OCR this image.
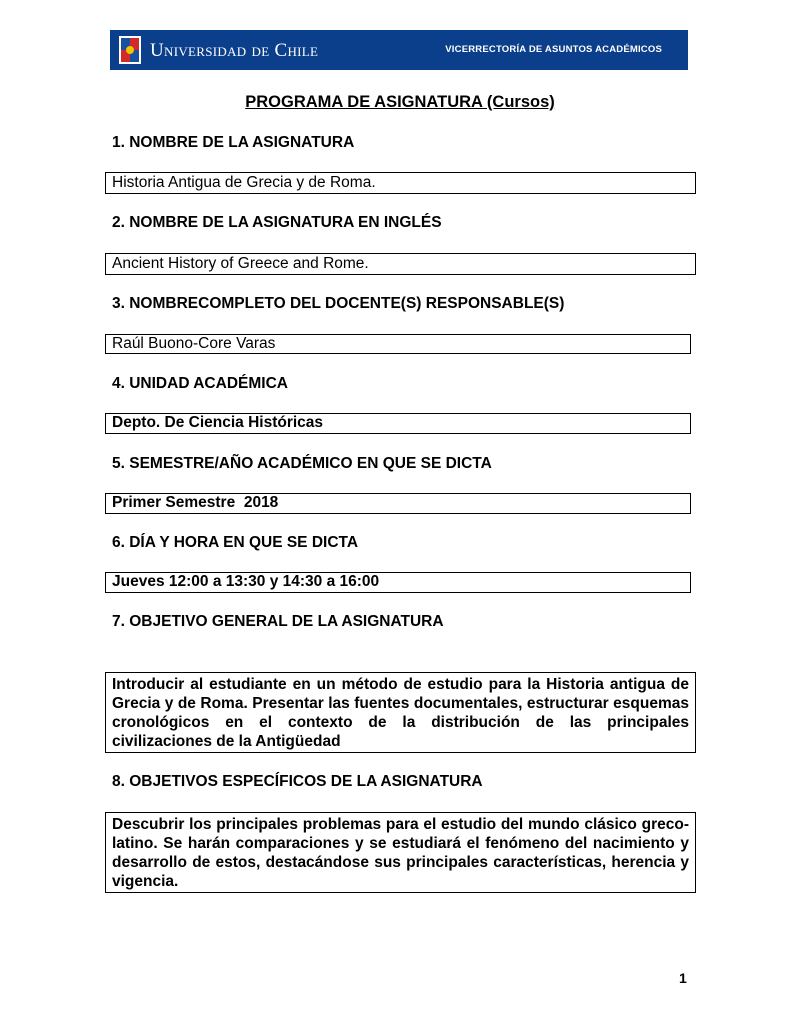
Universidad de Chile	VICERRECTORÍA DE ASUNTOS ACADÉMICOS
PROGRAMA DE ASIGNATURA (Cursos)
1. NOMBRE DE LA ASIGNATURA
Historia Antigua de Grecia y de Roma.
2. NOMBRE DE LA ASIGNATURA EN INGLÉS
Ancient History of Greece and Rome.
3. NOMBRECOMPLETO DEL DOCENTE(S) RESPONSABLE(S)
Raúl Buono-Core Varas
4. UNIDAD ACADÉMICA
Depto. De Ciencia Históricas
5. SEMESTRE/AÑO ACADÉMICO EN QUE SE DICTA
Primer Semestre  2018
6. DÍA Y HORA EN QUE SE DICTA
Jueves 12:00 a 13:30 y 14:30 a 16:00
7. OBJETIVO GENERAL DE LA ASIGNATURA
Introducir al estudiante en un método de estudio para la Historia antigua de Grecia y de Roma. Presentar las fuentes documentales, estructurar esquemas cronológicos en el contexto de la distribución de las principales civilizaciones de la Antigüedad
8. OBJETIVOS ESPECÍFICOS DE LA ASIGNATURA
Descubrir los principales problemas para el estudio del mundo clásico greco-latino. Se harán comparaciones y se estudiará el fenómeno del nacimiento y desarrollo de estos, destacándose sus principales características, herencia y vigencia.
1
